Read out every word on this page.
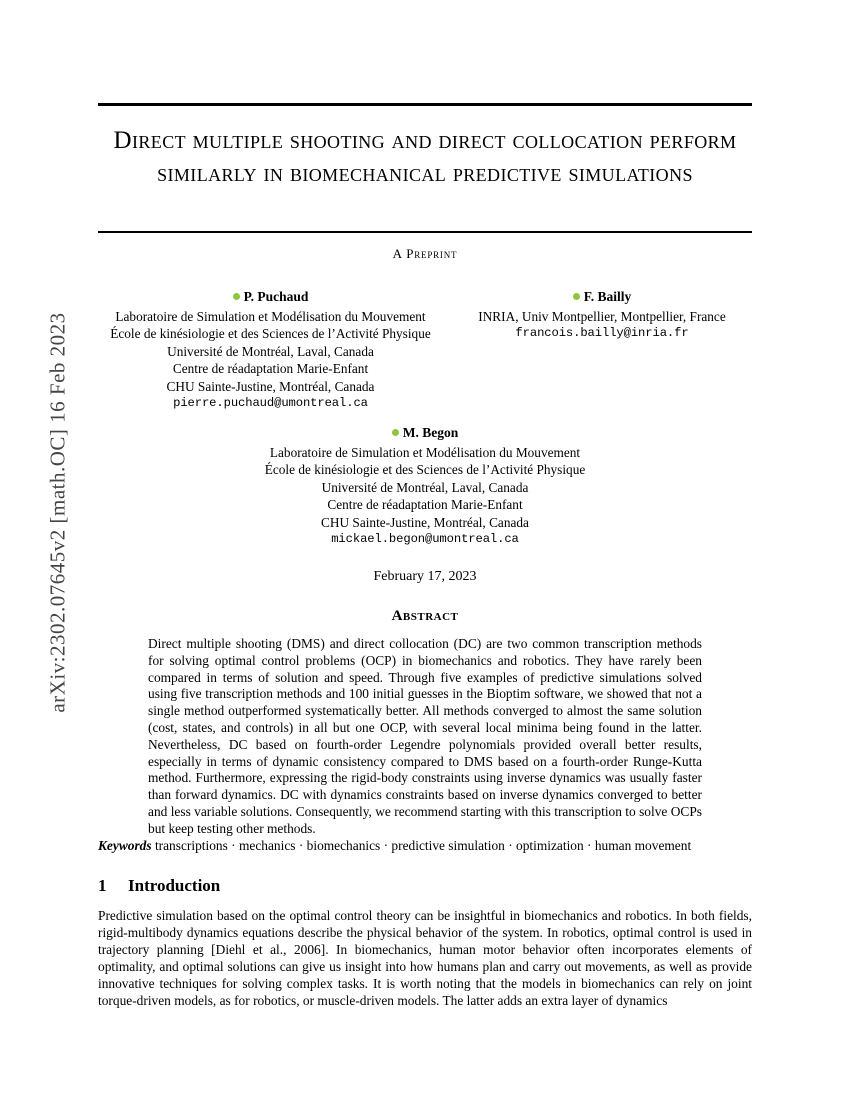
arXiv:2302.07645v2 [math.OC] 16 Feb 2023
Direct multiple shooting and direct collocation perform similarly in biomechanical predictive simulations
A Preprint
P. Puchaud
Laboratoire de Simulation et Modélisation du Mouvement
École de kinésiologie et des Sciences de l’Activité Physique
Université de Montréal, Laval, Canada
Centre de réadaptation Marie-Enfant
CHU Sainte-Justine, Montréal, Canada
pierre.puchaud@umontreal.ca
F. Bailly
INRIA, Univ Montpellier, Montpellier, France
francois.bailly@inria.fr
M. Begon
Laboratoire de Simulation et Modélisation du Mouvement
École de kinésiologie et des Sciences de l’Activité Physique
Université de Montréal, Laval, Canada
Centre de réadaptation Marie-Enfant
CHU Sainte-Justine, Montréal, Canada
mickael.begon@umontreal.ca
February 17, 2023
Abstract
Direct multiple shooting (DMS) and direct collocation (DC) are two common transcription methods for solving optimal control problems (OCP) in biomechanics and robotics. They have rarely been compared in terms of solution and speed. Through five examples of predictive simulations solved using five transcription methods and 100 initial guesses in the Bioptim software, we showed that not a single method outperformed systematically better. All methods converged to almost the same solution (cost, states, and controls) in all but one OCP, with several local minima being found in the latter. Nevertheless, DC based on fourth-order Legendre polynomials provided overall better results, especially in terms of dynamic consistency compared to DMS based on a fourth-order Runge-Kutta method. Furthermore, expressing the rigid-body constraints using inverse dynamics was usually faster than forward dynamics. DC with dynamics constraints based on inverse dynamics converged to better and less variable solutions. Consequently, we recommend starting with this transcription to solve OCPs but keep testing other methods.
Keywords transcriptions · mechanics · biomechanics · predictive simulation · optimization · human movement
1 Introduction
Predictive simulation based on the optimal control theory can be insightful in biomechanics and robotics. In both fields, rigid-multibody dynamics equations describe the physical behavior of the system. In robotics, optimal control is used in trajectory planning [Diehl et al., 2006]. In biomechanics, human motor behavior often incorporates elements of optimality, and optimal solutions can give us insight into how humans plan and carry out movements, as well as provide innovative techniques for solving complex tasks. It is worth noting that the models in biomechanics can rely on joint torque-driven models, as for robotics, or muscle-driven models. The latter adds an extra layer of dynamics
